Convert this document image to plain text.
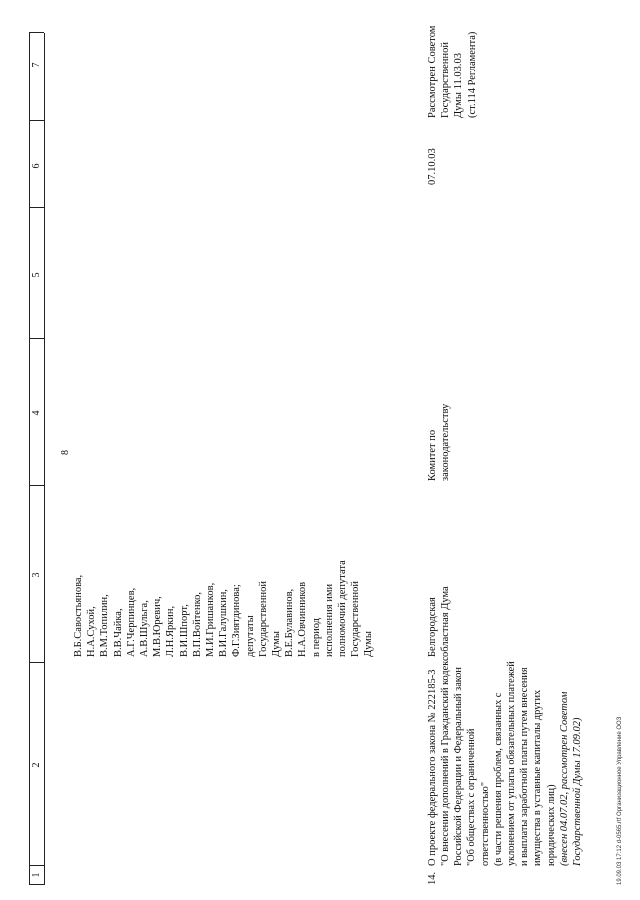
8
1
2
3
4
5
6
7
В.Б.Савостьянова,
Н.А.Сухой,
В.М.Топилин,
В.В.Чайка,
А.Г.Черпинцев,
А.В.Шульга,
М.В.Юревич,
Л.Н.Яркин,
В.И.Шпорт,
В.П.Войтенко,
М.И.Гришанков,
В.И.Галушкин,
Ф.Г.Зиятдинова;
депутаты
Государственной
Думы
В.Е.Булавинов,
Н.А.Овчинников
в период
исполнения ими
полномочий депутата
Государственной
Думы
14.
О проекте федерального закона № 222185-3 "О внесении дополнений в Гражданский кодекс
Российской Федерации и Федеральный закон
"Об обществах с ограниченной
ответственностью"
(в части решения проблем, связанных с
уклонением от уплаты обязательных платежей
и выплаты заработной платы путем внесения
имущества в уставные капиталы других
юридических лиц)
(внесен 04.07.02, рассмотрен Советом
Государственной Думы 17.09.02)
Белгородская
областная Дума
Комитет по
законодательству
07.10.03
Рассмотрен Советом
Государственной
Думы 11.03.03
(ст.114 Регламента)
19.09.03 17:12 d-0565.rtf Организационное Управление ООЗ
